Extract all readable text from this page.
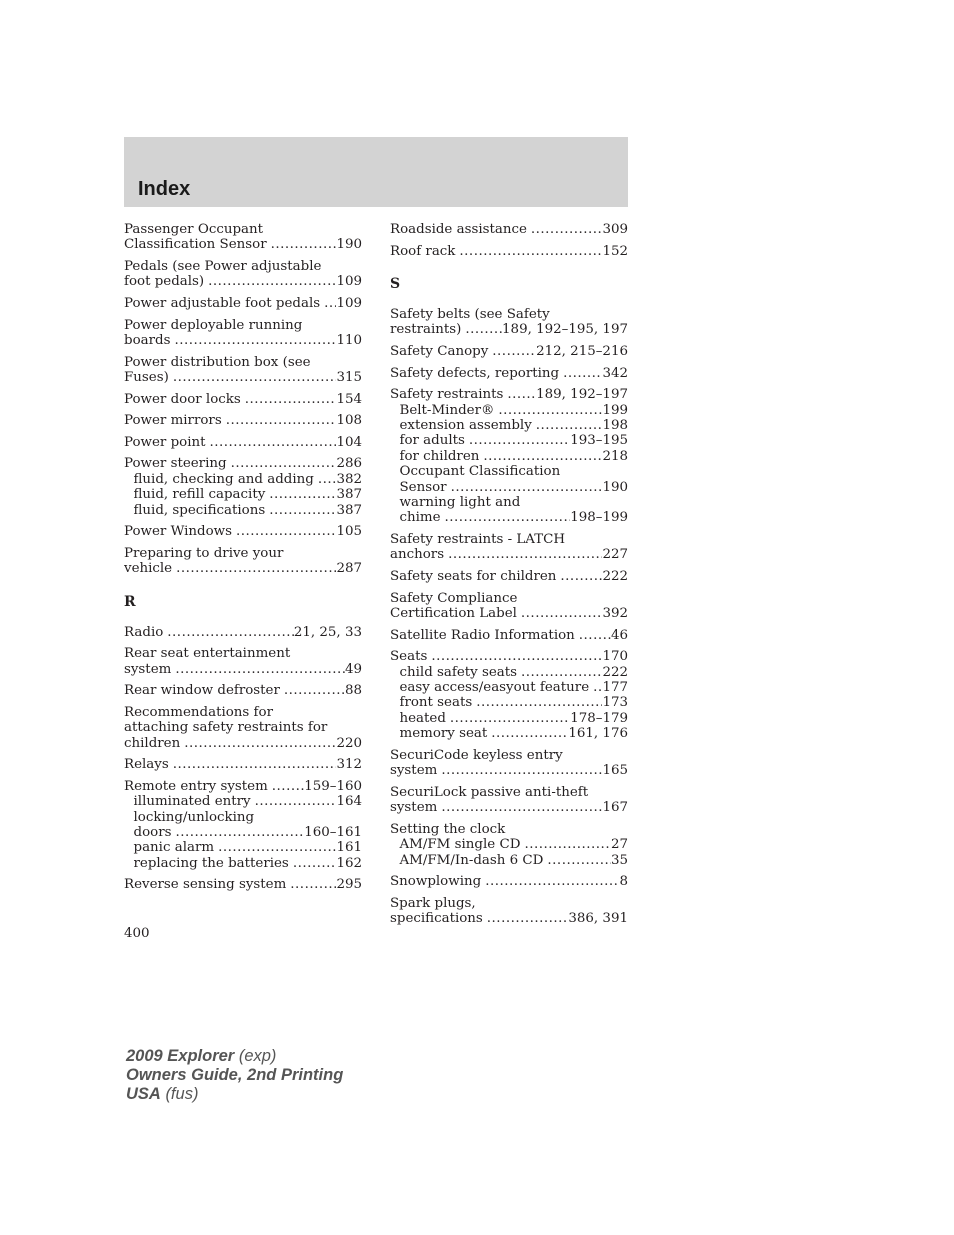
Index
Passenger Occupant
Classification Sensor .....	190
Pedals (see Power adjustable
foot pedals) .....	109
Power adjustable foot pedals ..... 109
Power deployable running
boards .....	110
Power distribution box (see
Fuses) .....	315
Power door locks .....	154
Power mirrors .....	108
Power point .....	104
Power steering .....	286
fluid, checking and adding ..... 382
fluid, refill capacity .....	387
fluid, specifications .....	387
Power Windows .....	105
Preparing to drive your
vehicle .....	287
R
Radio .....	21, 25, 33
Rear seat entertainment
system .....	49
Rear window defroster .....	88
Recommendations for
attaching safety restraints for
children .....	220
Relays .....	312
Remote entry system .....	159–160
illuminated entry .....	164
locking/unlocking
doors .....	160–161
panic alarm .....	161
replacing the batteries .....	162
Reverse sensing system .....	295
Roadside assistance .....	309
Roof rack .....	152
S
Safety belts (see Safety
restraints) .....	189, 192–195, 197
Safety Canopy .....	212, 215–216
Safety defects, reporting .....	342
Safety restraints ..... 189, 192–197
Belt-Minder® .....	199
extension assembly .....	198
for adults .....	193–195
for children .....	218
Occupant Classification
Sensor .....	190
warning light and
chime .....	198–199
Safety restraints - LATCH
anchors .....	227
Safety seats for children .....	222
Safety Compliance
Certification Label .....	392
Satellite Radio Information .....	46
Seats .....	170
child safety seats .....	222
easy access/easyout feature ..... 177
front seats .....	173
heated .....	178–179
memory seat .....	161, 176
SecuriCode keyless entry
system .....	165
SecuriLock passive anti-theft
system .....	167
Setting the clock
AM/FM single CD .....	27
AM/FM/In-dash 6 CD .....	35
Snowplowing .....	8
Spark plugs,
specifications .....	386, 391
400
2009 Explorer (exp)
Owners Guide, 2nd Printing
USA (fus)
